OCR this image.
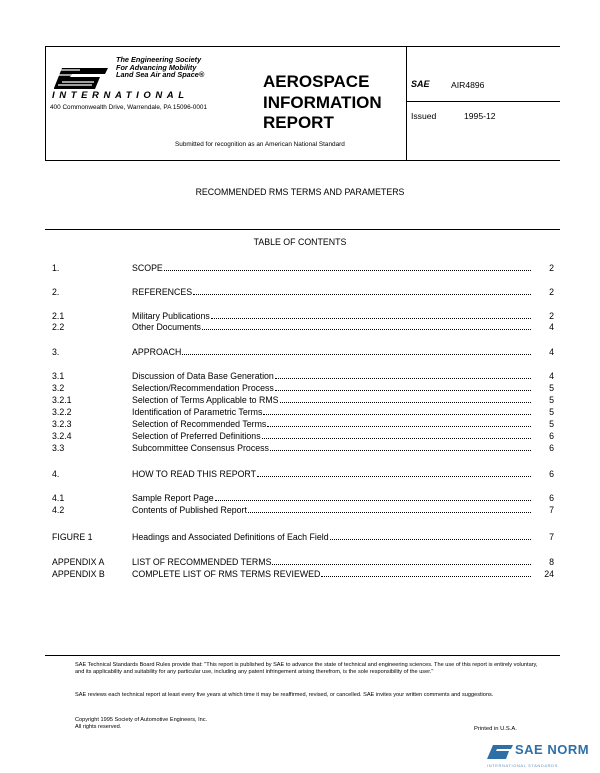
The Engineering Society
For Advancing Mobility
Land Sea Air and Space®
INTERNATIONAL
400 Commonwealth Drive, Warrendale, PA 15096-0001
AEROSPACE
INFORMATION
REPORT
Submitted for recognition as an American National Standard
SAE AIR4896
Issued	1995-12
RECOMMENDED RMS TERMS AND PARAMETERS
TABLE OF CONTENTS
1.	SCOPE	2
2.	REFERENCES	2
2.1	Military Publications	2
2.2	Other Documents	4
3.	APPROACH	4
3.1	Discussion of Data Base Generation	4
3.2	Selection/Recommendation Process	5
3.2.1	Selection of Terms Applicable to RMS	5
3.2.2	Identification of Parametric Terms	5
3.2.3	Selection of Recommended Terms	5
3.2.4	Selection of Preferred Definitions	6
3.3	Subcommittee Consensus Process	6
4.	HOW TO READ THIS REPORT	6
4.1	Sample Report Page	6
4.2	Contents of Published Report	7
FIGURE 1	Headings and Associated Definitions of Each Field	7
APPENDIX A	LIST OF RECOMMENDED TERMS	8
APPENDIX B	COMPLETE LIST OF RMS TERMS REVIEWED	24
SAE Technical Standards Board Rules provide that: "This report is published by SAE to advance the state of technical and engineering sciences. The use of this report is entirely voluntary, and its applicability and suitability for any particular use, including any patent infringement arising therefrom, is the sole responsibility of the user."
SAE reviews each technical report at least every five years at which time it may be reaffirmed, revised, or cancelled. SAE invites your written comments and suggestions.
Copyright 1995 Society of Automotive Engineers, Inc.
All rights reserved.	Printed in U.S.A.
SAE NORM
INTERNATIONAL STANDARDS
